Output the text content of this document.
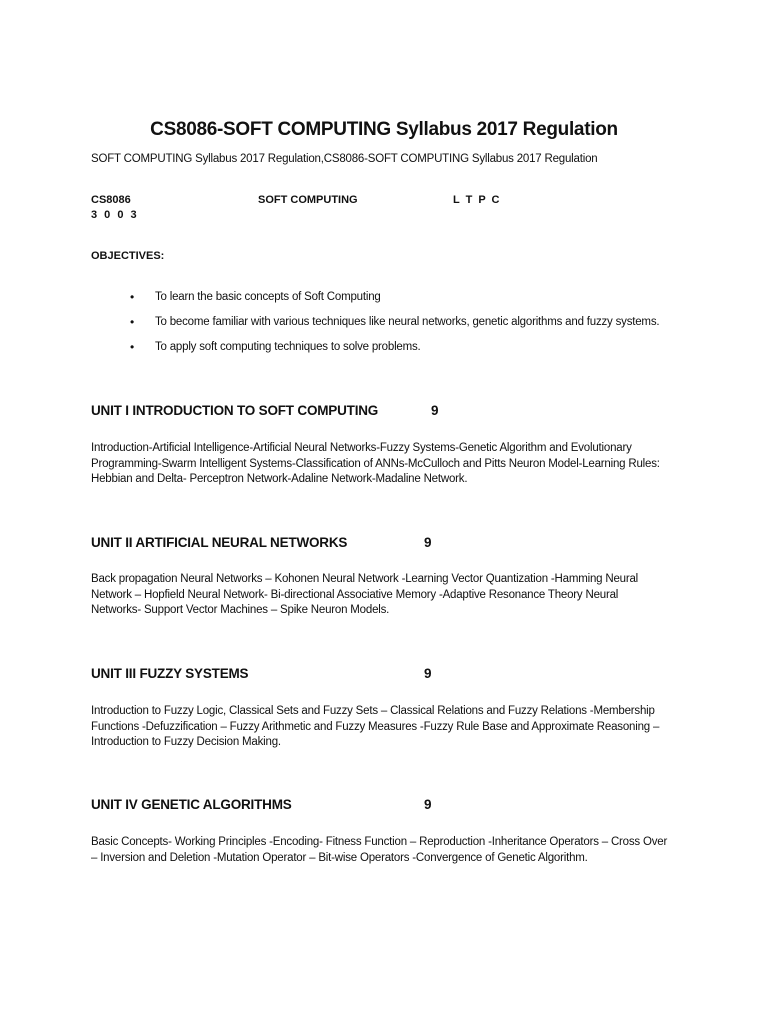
CS8086-SOFT COMPUTING Syllabus 2017 Regulation
SOFT COMPUTING Syllabus 2017 Regulation,CS8086-SOFT COMPUTING Syllabus 2017 Regulation
CS8086	SOFT COMPUTING	L T P C
3 0 0 3
OBJECTIVES:
• To learn the basic concepts of Soft Computing
• To become familiar with various techniques like neural networks, genetic algorithms and fuzzy systems.
• To apply soft computing techniques to solve problems.
UNIT I INTRODUCTION TO SOFT COMPUTING	9
Introduction-Artificial Intelligence-Artificial Neural Networks-Fuzzy Systems-Genetic Algorithm and Evolutionary
Programming-Swarm Intelligent Systems-Classification of ANNs-McCulloch and Pitts Neuron Model-Learning Rules:
Hebbian and Delta- Perceptron Network-Adaline Network-Madaline Network.
UNIT II ARTIFICIAL NEURAL NETWORKS	9
Back propagation Neural Networks – Kohonen Neural Network -Learning Vector Quantization -Hamming Neural
Network – Hopfield Neural Network- Bi-directional Associative Memory -Adaptive Resonance Theory Neural
Networks- Support Vector Machines – Spike Neuron Models.
UNIT III FUZZY SYSTEMS	9
Introduction to Fuzzy Logic, Classical Sets and Fuzzy Sets – Classical Relations and Fuzzy Relations -Membership
Functions -Defuzzification – Fuzzy Arithmetic and Fuzzy Measures -Fuzzy Rule Base and Approximate Reasoning –
Introduction to Fuzzy Decision Making.
UNIT IV GENETIC ALGORITHMS	9
Basic Concepts- Working Principles -Encoding- Fitness Function – Reproduction -Inheritance Operators – Cross Over
– Inversion and Deletion -Mutation Operator – Bit-wise Operators -Convergence of Genetic Algorithm.
